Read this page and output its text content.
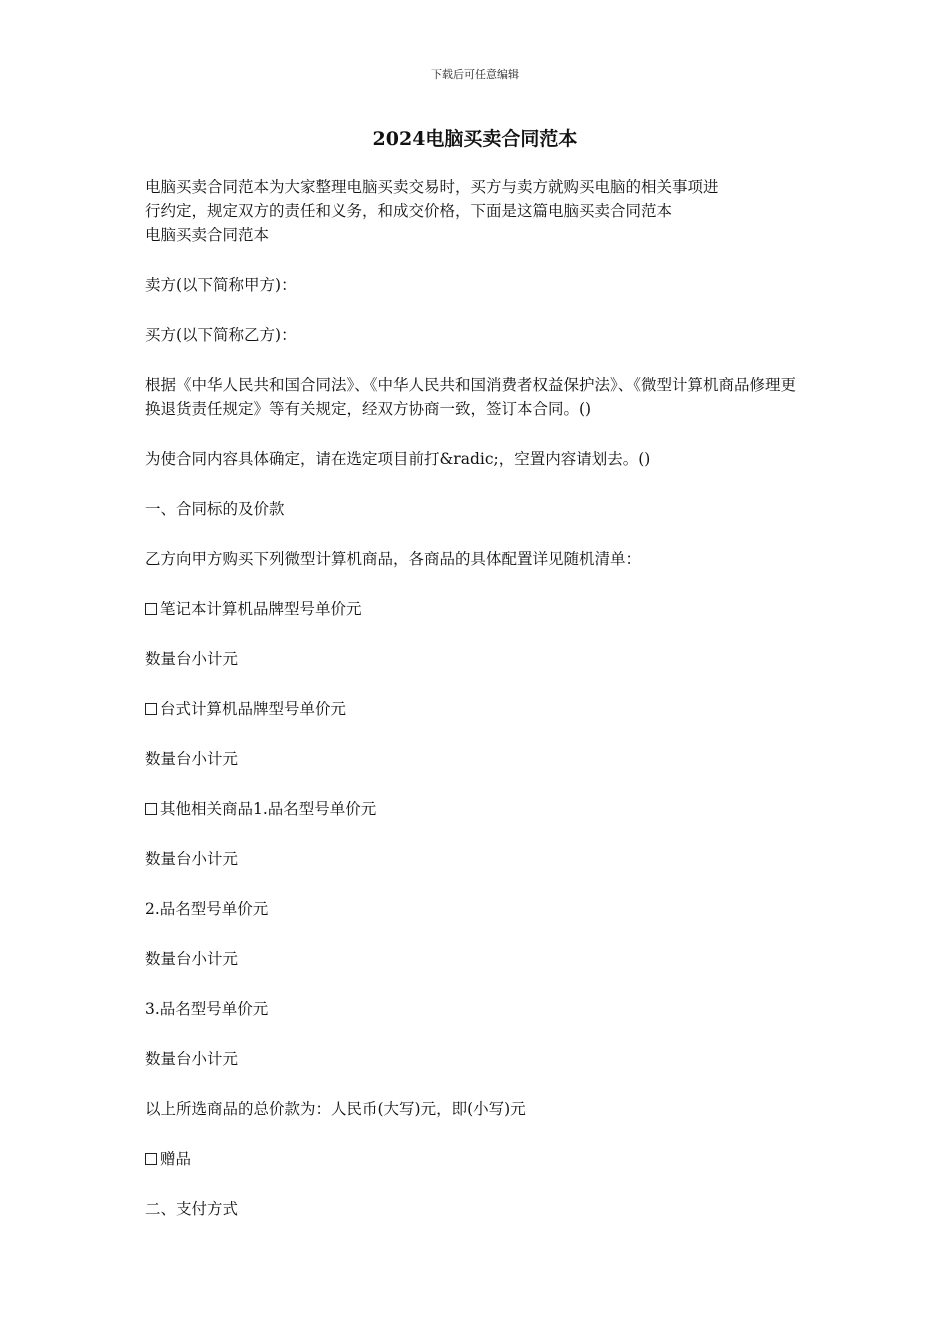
下载后可任意编辑
2024电脑买卖合同范本

电脑买卖合同范本为大家整理电脑买卖交易时，买方与卖方就购买电脑的相关事项进
行约定，规定双方的责任和义务，和成交价格，下面是这篇电脑买卖合同范本
电脑买卖合同范本

卖方(以下简称甲方)：

买方(以下简称乙方)：

根据《中华人民共和国合同法》、《中华人民共和国消费者权益保护法》、《微型计算机商品修理更换退货责任规定》等有关规定，经双方协商一致，签订本合同。()

为使合同内容具体确定，请在选定项目前打&radic;，空置内容请划去。()

一、合同标的及价款

乙方向甲方购买下列微型计算机商品，各商品的具体配置详见随机清单：

笔记本计算机品牌型号单价元

数量台小计元

台式计算机品牌型号单价元

数量台小计元

其他相关商品1.品名型号单价元

数量台小计元

2.品名型号单价元

数量台小计元

3.品名型号单价元

数量台小计元

以上所选商品的总价款为：人民币(大写)元，即(小写)元

赠品

二、支付方式
